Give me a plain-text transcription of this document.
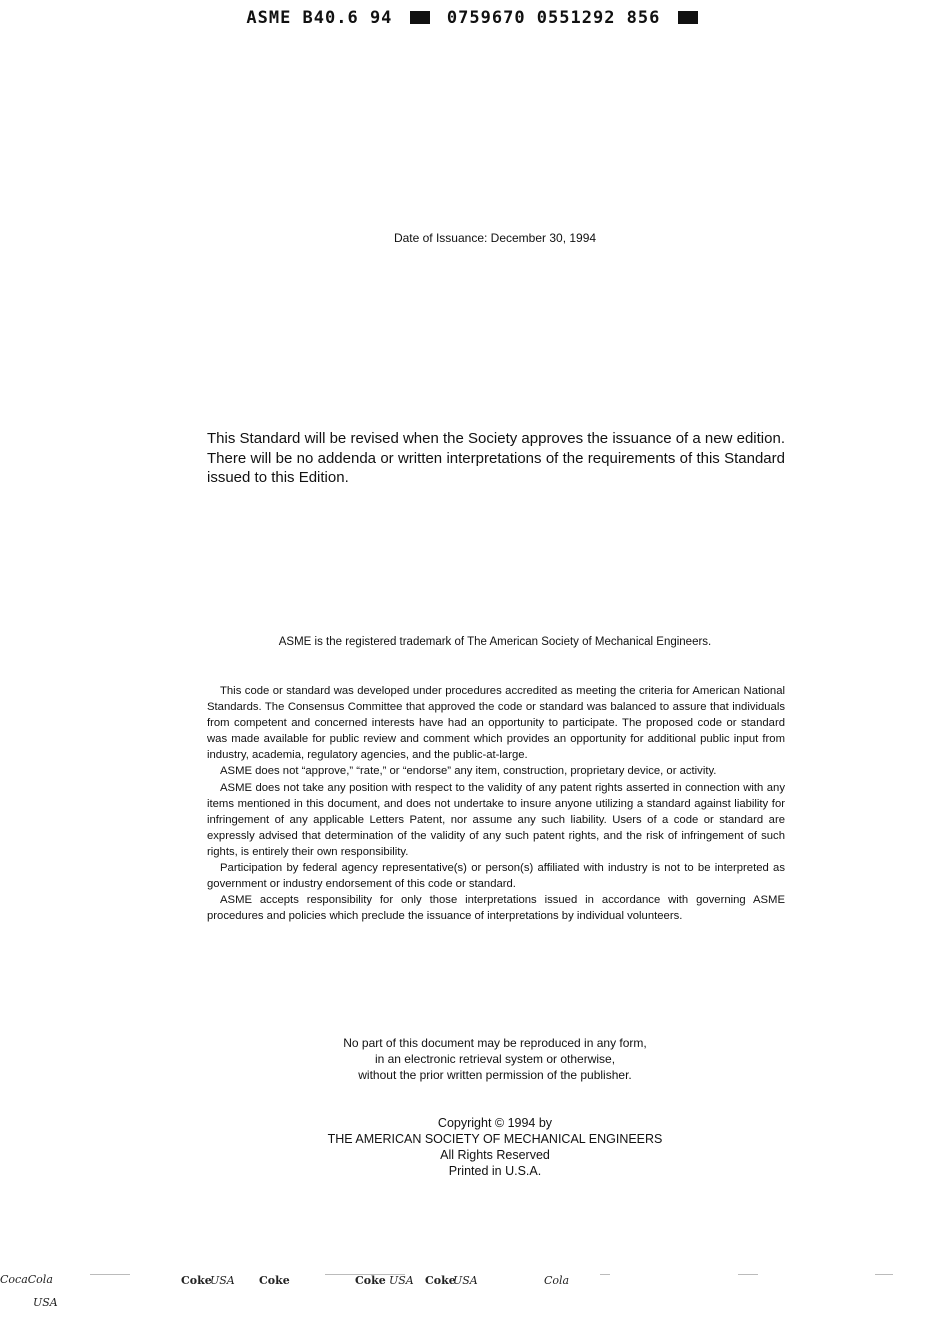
ASME B40.6 94	0759670 0551292 856
Date of Issuance: December 30, 1994
This Standard will be revised when the Society approves the issuance of a new edition. There will be no addenda or written interpretations of the requirements of this Standard issued to this Edition.
ASME is the registered trademark of The American Society of Mechanical Engineers.

This code or standard was developed under procedures accredited as meeting the criteria for American National Standards. The Consensus Committee that approved the code or standard was balanced to assure that individuals from competent and concerned interests have had an opportunity to participate. The proposed code or standard was made available for public review and comment which provides an opportunity for additional public input from industry, academia, regulatory agencies, and the public-at-large.

ASME does not “approve,” “rate,” or “endorse” any item, construction, proprietary device, or activity.

ASME does not take any position with respect to the validity of any patent rights asserted in connection with any items mentioned in this document, and does not undertake to insure anyone utilizing a standard against liability for infringement of any applicable Letters Patent, nor assume any such liability. Users of a code or standard are expressly advised that determination of the validity of any such patent rights, and the risk of infringement of such rights, is entirely their own responsibility.

Participation by federal agency representative(s) or person(s) affiliated with industry is not to be interpreted as government or industry endorsement of this code or standard.

ASME accepts responsibility for only those interpretations issued in accordance with governing ASME procedures and policies which preclude the issuance of interpretations by individual volunteers.

No part of this document may be reproduced in any form,
in an electronic retrieval system or otherwise,
without the prior written permission of the publisher.
Copyright © 1994 by
THE AMERICAN SOCIETY OF MECHANICAL ENGINEERS
All Rights Reserved
Printed in U.S.A.
CocaCola
USA
Coke
USA Coke	Coke USA Coke
USA	Cola
